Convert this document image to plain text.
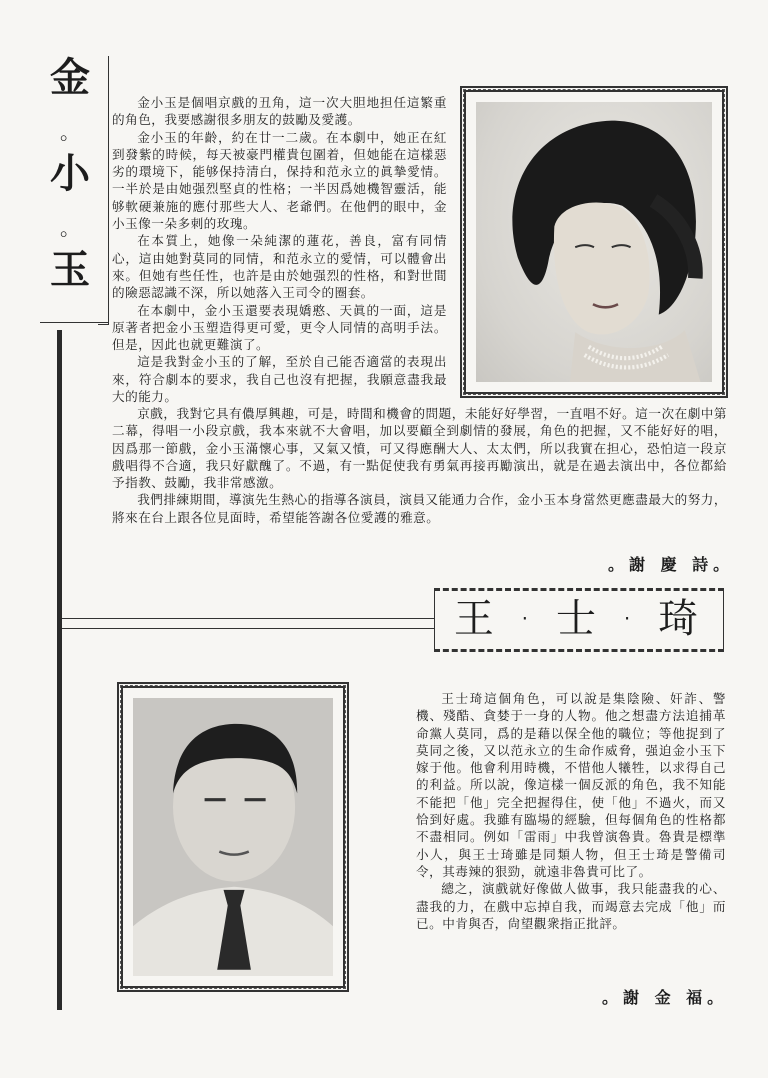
金
。
小
。
玉

金小玉是個唱京戲的丑角，這一次大胆地担任這繁重的角色，我要感謝很多朋友的鼓勵及愛護。

金小玉的年齡，約在廿一二歲。在本劇中，她正在紅到發紫的時候，每天被豪門權貴包圍着，但她能在這樣惡劣的環境下，能够保持清白，保持和范永立的眞摯愛情。一半於是由她强烈堅貞的性格；一半因爲她機智靈活，能够軟硬兼施的應付那些大人、老爺們。在他們的眼中，金小玉像一朵多刺的玫瑰。

在本質上，她像一朵純潔的蓮花，善良，富有同情心，這由她對莫同的同情，和范永立的愛情，可以體會出來。但她有些任性，也許是由於她强烈的性格，和對世間的險惡認識不深，所以她落入王司令的圈套。

在本劇中，金小玉還要表現嬌憨、天眞的一面，這是原著者把金小玉塑造得更可愛，更令人同情的高明手法。但是，因此也就更難演了。

這是我對金小玉的了解，至於自己能否適當的表現出來，符合劇本的要求，我自己也沒有把握，我願意盡我最大的能力。

京戲，我對它具有儂厚興趣，可是，時間和機會的問題，未能好好學習，一直唱不好。這一次在劇中第二幕，得唱一小段京戲，我本來就不大會唱，加以要顧全到劇情的發展，角色的把握，又不能好好的唱，因爲那一節戲，金小玉滿懷心事，又氣又憤，可又得應酬大人、太太們，所以我實在担心，恐怕這一段京戲唱得不合適，我只好獻醜了。不過，有一點促使我有勇氣再接再勵演出，就是在過去演出中，各位都給予指教、鼓勵，我非常感激。

我們排練期間，導演先生熱心的指導各演員，演員又能通力合作，金小玉本身當然更應盡最大的努力，將來在台上跟各位見面時，希望能答謝各位愛護的雅意。

。謝 慶 詩。
王 · 士 · 琦

王士琦這個角色，可以說是集陰險、奸詐、警機、殘酷、貪婪于一身的人物。他之想盡方法追捕革命黨人莫同，爲的是藉以保全他的職位；等他捉到了莫同之後，又以范永立的生命作威脅，强迫金小玉下嫁于他。他會利用時機，不惜他人犧牲，以求得自己的利益。所以說，像這樣一個反派的角色，我不知能不能把「他」完全把握得住，使「他」不過火，而又恰到好處。我雖有臨場的經驗，但每個角色的性格都不盡相同。例如「雷雨」中我曾演魯貴。魯貴是標準小人，與王士琦雖是同類人物，但王士琦是警備司令，其毒辣的狠勁，就遠非魯貴可比了。

總之，演戲就好像做人做事，我只能盡我的心、盡我的力，在戲中忘掉自我，而竭意去完成「他」而已。中肯與否，尙望觀衆指正批評。

。謝 金 福。
